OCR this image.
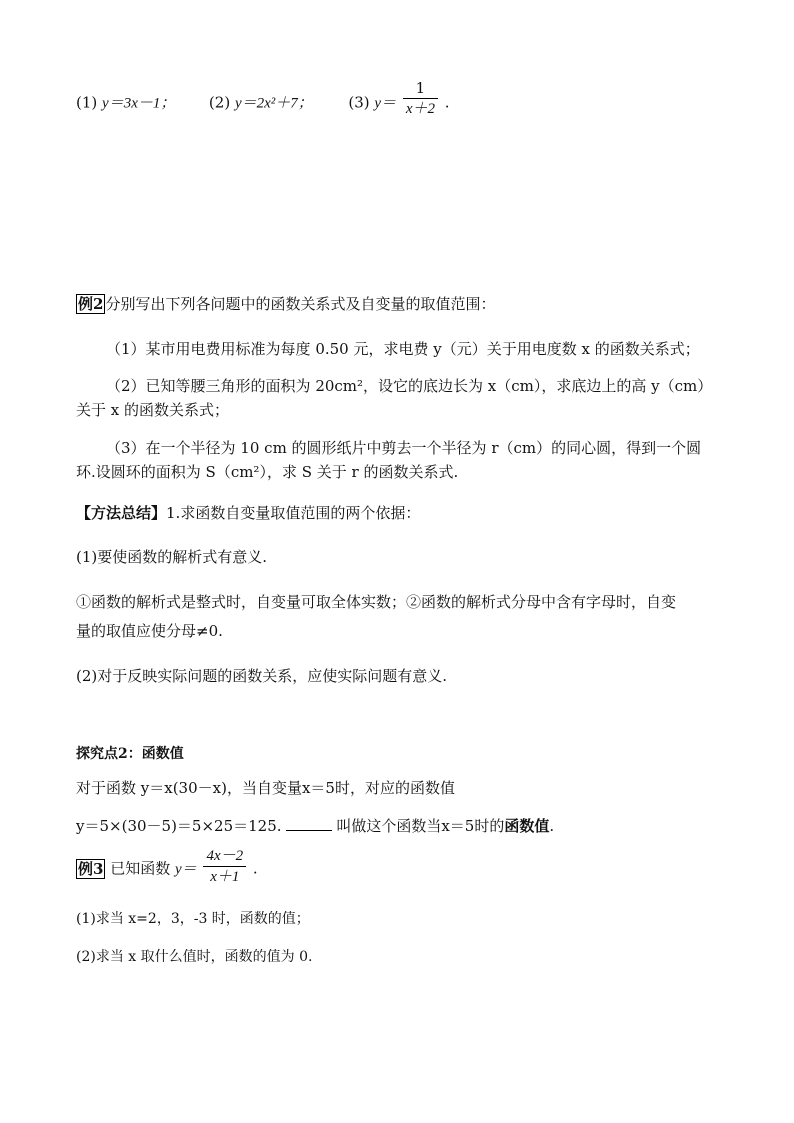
(1) y＝3x－1； (2) y＝2x²＋7； (3) $y= \frac{1}{x+2}$ .
例2 分别写出下列各问题中的函数关系式及自变量的取值范围：
（1）某市用电费用标准为每度 0.50 元，求电费 y（元）关于用电度数 x 的函数关系式；
（2）已知等腰三角形的面积为 20cm²，设它的底边长为 x（cm），求底边上的高 y（cm）
关于 x 的函数关系式；
（3）在一个半径为 10 cm 的圆形纸片中剪去一个半径为 r（cm）的同心圆，得到一个圆
环.设圆环的面积为 S（cm²），求 S 关于 r 的函数关系式.
【方法总结】1.求函数自变量取值范围的两个依据：
(1)要使函数的解析式有意义.
①函数的解析式是整式时，自变量可取全体实数；②函数的解析式分母中含有字母时，自变
量的取值应使分母≠0.
(2)对于反映实际问题的函数关系，应使实际问题有意义.
探究点2：函数值
对于函数 y＝x(30－x)，当自变量x＝5时，对应的函数值
y＝5×(30－5)＝5×25＝125.	叫做这个函数当x＝5时的函数值.
例3 已知函数 $y= \frac{4x-2}{x+1}$ .
(1)求当 x=2，3，-3 时，函数的值；
(2)求当 x 取什么值时，函数的值为 0.
